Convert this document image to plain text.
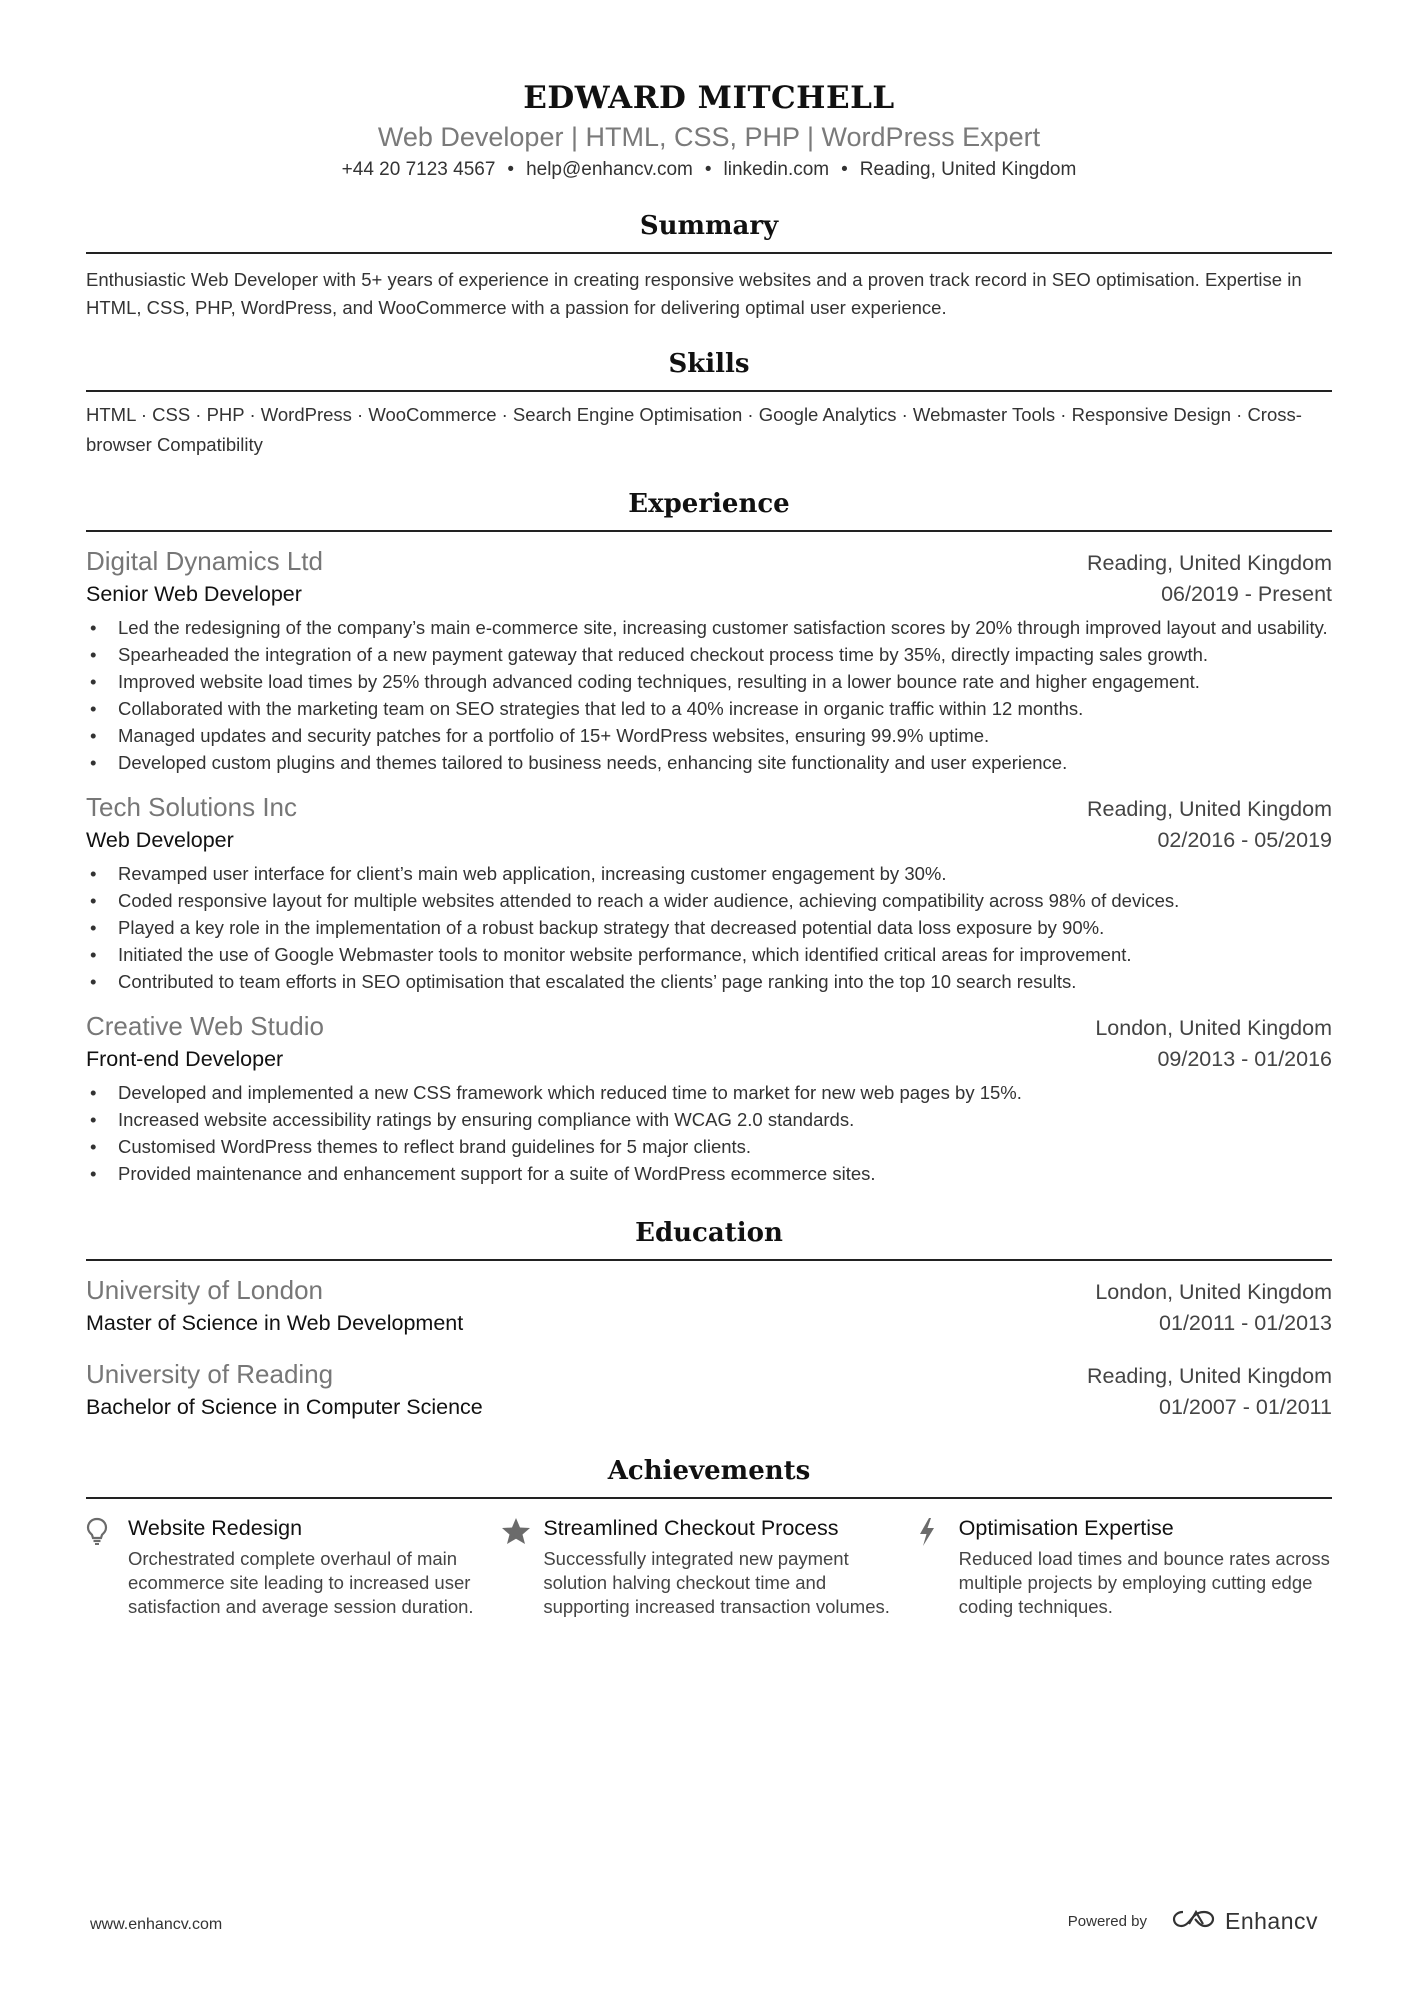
EDWARD MITCHELL
Web Developer | HTML, CSS, PHP | WordPress Expert
+44 20 7123 4567 • help@enhancv.com • linkedin.com • Reading, United Kingdom
Summary
Enthusiastic Web Developer with 5+ years of experience in creating responsive websites and a proven track record in SEO optimisation. Expertise in HTML, CSS, PHP, WordPress, and WooCommerce with a passion for delivering optimal user experience.
Skills
HTML · CSS · PHP · WordPress · WooCommerce · Search Engine Optimisation · Google Analytics · Webmaster Tools · Responsive Design · Cross-browser Compatibility
Experience
Digital Dynamics Ltd	Reading, United Kingdom
Senior Web Developer	06/2019 - Present
• Led the redesigning of the company’s main e-commerce site, increasing customer satisfaction scores by 20% through improved layout and usability.
• Spearheaded the integration of a new payment gateway that reduced checkout process time by 35%, directly impacting sales growth.
• Improved website load times by 25% through advanced coding techniques, resulting in a lower bounce rate and higher engagement.
• Collaborated with the marketing team on SEO strategies that led to a 40% increase in organic traffic within 12 months.
• Managed updates and security patches for a portfolio of 15+ WordPress websites, ensuring 99.9% uptime.
• Developed custom plugins and themes tailored to business needs, enhancing site functionality and user experience.
Tech Solutions Inc	Reading, United Kingdom
Web Developer	02/2016 - 05/2019
• Revamped user interface for client’s main web application, increasing customer engagement by 30%.
• Coded responsive layout for multiple websites attended to reach a wider audience, achieving compatibility across 98% of devices.
• Played a key role in the implementation of a robust backup strategy that decreased potential data loss exposure by 90%.
• Initiated the use of Google Webmaster tools to monitor website performance, which identified critical areas for improvement.
• Contributed to team efforts in SEO optimisation that escalated the clients’ page ranking into the top 10 search results.
Creative Web Studio	London, United Kingdom
Front-end Developer	09/2013 - 01/2016
• Developed and implemented a new CSS framework which reduced time to market for new web pages by 15%.
• Increased website accessibility ratings by ensuring compliance with WCAG 2.0 standards.
• Customised WordPress themes to reflect brand guidelines for 5 major clients.
• Provided maintenance and enhancement support for a suite of WordPress ecommerce sites.
Education
University of London	London, United Kingdom
Master of Science in Web Development	01/2011 - 01/2013
University of Reading	Reading, United Kingdom
Bachelor of Science in Computer Science	01/2007 - 01/2011
Achievements
Website Redesign
Orchestrated complete overhaul of main ecommerce site leading to increased user satisfaction and average session duration.
Streamlined Checkout Process
Successfully integrated new payment solution halving checkout time and supporting increased transaction volumes.
Optimisation Expertise
Reduced load times and bounce rates across multiple projects by employing cutting edge coding techniques.
www.enhancv.com	Powered by	Enhancv
